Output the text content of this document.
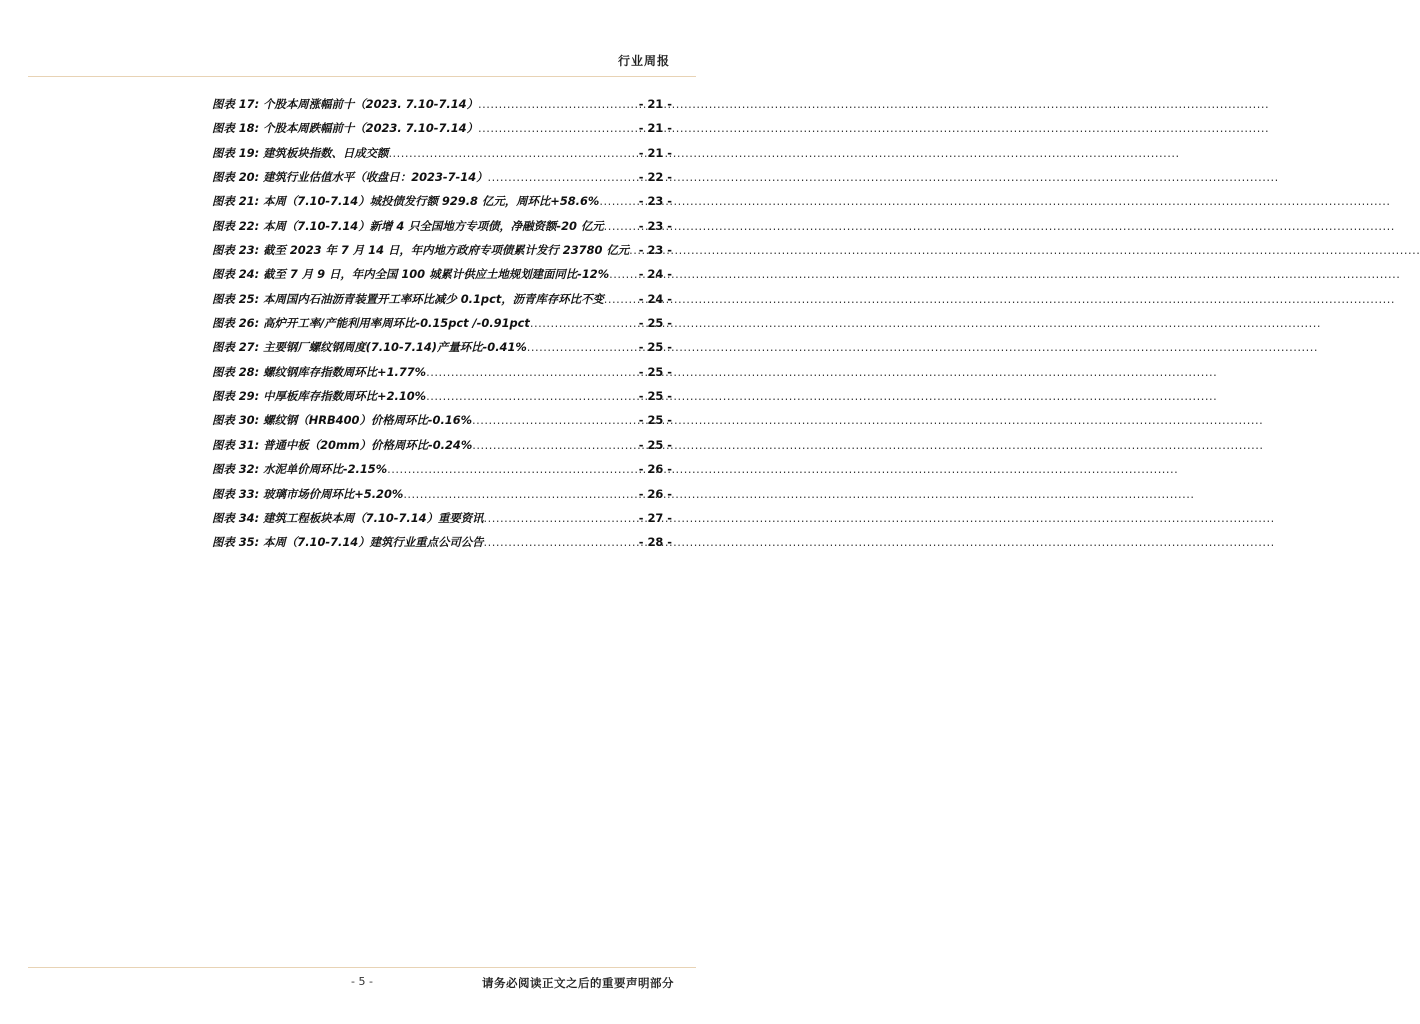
行业周报
图表 17:
个股本周涨幅前十（2023. 7.10-7.14） .....	- 21 -
图表 18:
个股本周跌幅前十（2023. 7.10-7.14） .....	- 21 -
图表 19:
建筑板块指数、日成交额 .....	- 21 -
图表 20:
建筑行业估值水平（收盘日：2023-7-14） .....	- 22 -
图表 21:
本周（7.10-7.14）城投债发行额 929.8 亿元，周环比+58.6% .....	- 23 -
图表 22:
本周（7.10-7.14）新增 4 只全国地方专项债，净融资额-20 亿元 .....	- 23 -
图表 23:
截至 2023 年 7 月 14 日，年内地方政府专项债累计发行 23780 亿元 ..... - 23 -
图表 24:
截至 7 月 9 日，年内全国 100 城累计供应土地规划建面同比-12% .....	- 24 -
图表 25:
本周国内石油沥青装置开工率环比减少 0.1pct，沥青库存环比不变 .....	- 24 -
图表 26:
高炉开工率/产能利用率周环比-0.15pct /-0.91pct .....	- 25 -
图表 27:
主要钢厂螺纹钢周度(7.10-7.14)产量环比-0.41% .....	- 25 -
图表 28:
螺纹钢库存指数周环比+1.77% .....	- 25 -
图表 29:
中厚板库存指数周环比+2.10% .....	- 25 -
图表 30:
螺纹钢（HRB400）价格周环比-0.16% .....	- 25 -
图表 31:
普通中板（20mm）价格周环比-0.24% .....	- 25 -
图表 32:
水泥单价周环比-2.15% .....	- 26 -
图表 33:
玻璃市场价周环比+5.20% .....	- 26 -
图表 34:
建筑工程板块本周（7.10-7.14）重要资讯 .....	- 27 -
图表 35:
本周（7.10-7.14）建筑行业重点公司公告 .....	- 28 -
- 5 -	请务必阅读正文之后的重要声明部分
